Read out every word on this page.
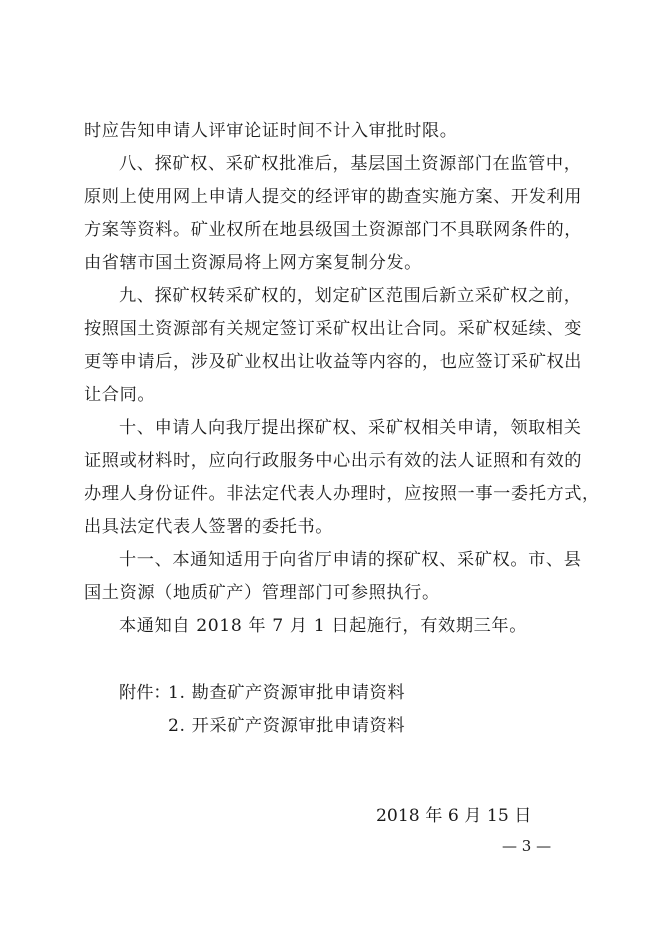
时应告知申请人评审论证时间不计入审批时限。
八、探矿权、采矿权批准后，基层国土资源部门在监管中，
原则上使用网上申请人提交的经评审的勘查实施方案、开发利用
方案等资料。矿业权所在地县级国土资源部门不具联网条件的，
由省辖市国土资源局将上网方案复制分发。
九、探矿权转采矿权的，划定矿区范围后新立采矿权之前，
按照国土资源部有关规定签订采矿权出让合同。采矿权延续、变
更等申请后，涉及矿业权出让收益等内容的，也应签订采矿权出
让合同。
十、申请人向我厅提出探矿权、采矿权相关申请，领取相关
证照或材料时，应向行政服务中心出示有效的法人证照和有效的
办理人身份证件。非法定代表人办理时，应按照一事一委托方式，
出具法定代表人签署的委托书。
十一、本通知适用于向省厅申请的探矿权、采矿权。市、县
国土资源（地质矿产）管理部门可参照执行。
本通知自 2018 年 7 月 1 日起施行，有效期三年。
附件：
1. 勘查矿产资源审批申请资料
2. 开采矿产资源审批申请资料
2018 年 6 月 15 日
— 3 —
